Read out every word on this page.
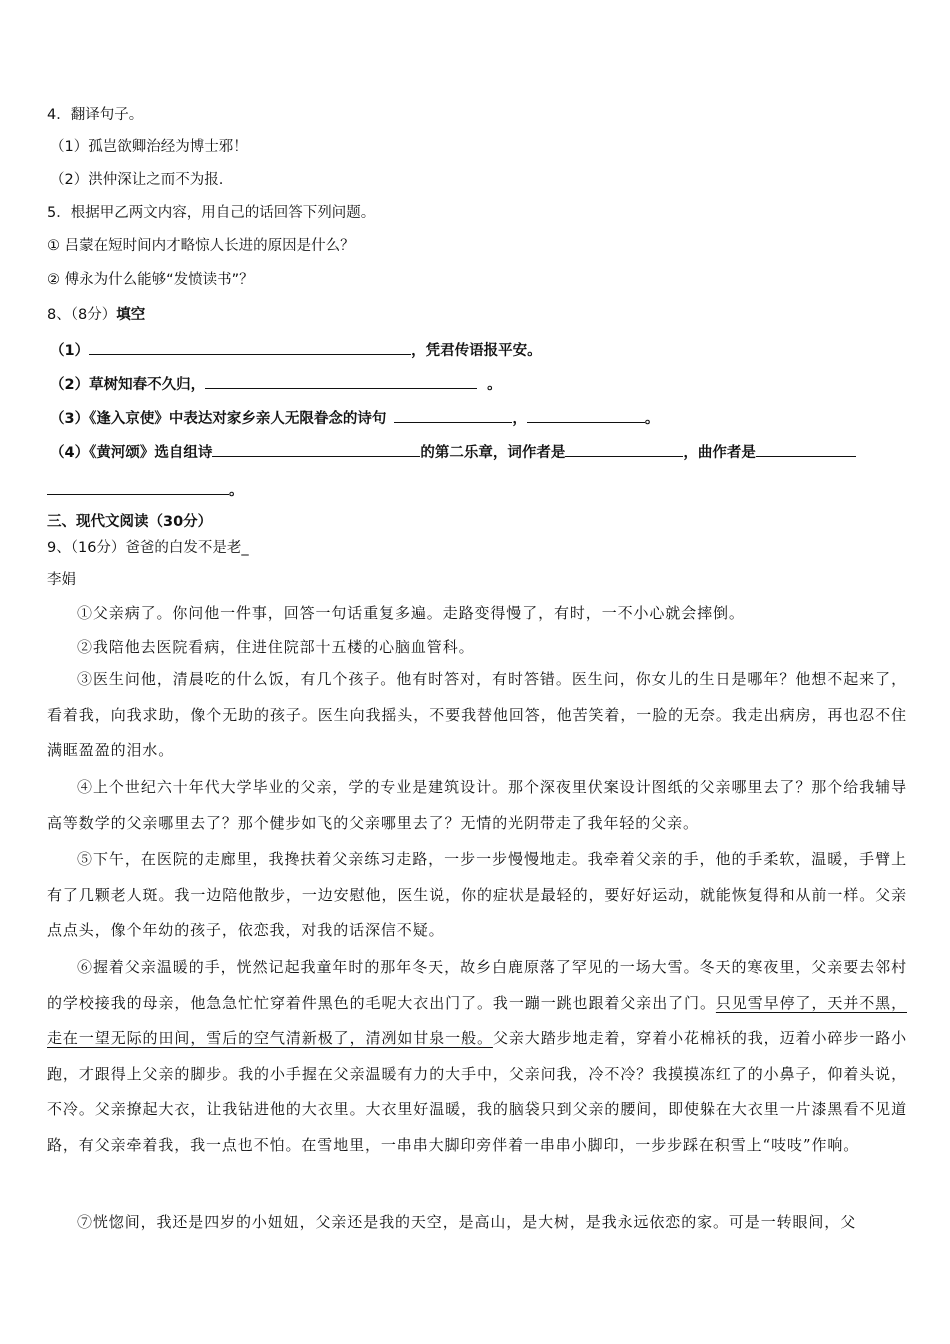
4．翻译句子。
（1）孤岂欲卿治经为博士邪！
（2）洪仲深让之而不为报.
5．根据甲乙两文内容，用自己的话回答下列问题。
① 吕蒙在短时间内才略惊人长进的原因是什么？
② 傅永为什么能够“发愤读书”？
8、（8分）填空
（1）	，凭君传语报平安。
（2）草树知春不久归，	。
（3）《逢入京使》中表达对家乡亲人无限眷念的诗句	，	。
（4）《黄河颂》选自组诗	的第二乐章，词作者是	，曲作者是
。
三、现代文阅读（30分）
9、（16分）爸爸的白发不是老_
李娟
①父亲病了。你问他一件事，回答一句话重复多遍。走路变得慢了，有时，一不小心就会摔倒。
②我陪他去医院看病，住进住院部十五楼的心脑血管科。
③医生问他，清晨吃的什么饭，有几个孩子。他有时答对，有时答错。医生问，你女儿的生日是哪年？他想不起来了，看着我，向我求助，像个无助的孩子。医生向我摇头，不要我替他回答，他苦笑着，一脸的无奈。我走出病房，再也忍不住满眶盈盈的泪水。
④上个世纪六十年代大学毕业的父亲，学的专业是建筑设计。那个深夜里伏案设计图纸的父亲哪里去了？那个给我辅导高等数学的父亲哪里去了？那个健步如飞的父亲哪里去了？无情的光阴带走了我年轻的父亲。
⑤下午，在医院的走廊里，我搀扶着父亲练习走路，一步一步慢慢地走。我牵着父亲的手，他的手柔软，温暖，手臂上有了几颗老人斑。我一边陪他散步，一边安慰他，医生说，你的症状是最轻的，要好好运动，就能恢复得和从前一样。父亲点点头，像个年幼的孩子，依恋我，对我的话深信不疑。
⑥握着父亲温暖的手，恍然记起我童年时的那年冬天，故乡白鹿原落了罕见的一场大雪。冬天的寒夜里，父亲要去邻村的学校接我的母亲，他急急忙忙穿着件黑色的毛呢大衣出门了。我一蹦一跳也跟着父亲出了门。只见雪早停了，天并不黑，走在一望无际的田间，雪后的空气清新极了，清冽如甘泉一般。父亲大踏步地走着，穿着小花棉袄的我，迈着小碎步一路小跑，才跟得上父亲的脚步。我的小手握在父亲温暖有力的大手中，父亲问我，冷不冷？我摸摸冻红了的小鼻子，仰着头说，不冷。父亲撩起大衣，让我钻进他的大衣里。大衣里好温暖，我的脑袋只到父亲的腰间，即使躲在大衣里一片漆黑看不见道路，有父亲牵着我，我一点也不怕。在雪地里，一串串大脚印旁伴着一串串小脚印，一步步踩在积雪上“吱吱”作响。
⑦恍惚间，我还是四岁的小妞妞，父亲还是我的天空，是高山，是大树，是我永远依恋的家。可是一转眼间，父
